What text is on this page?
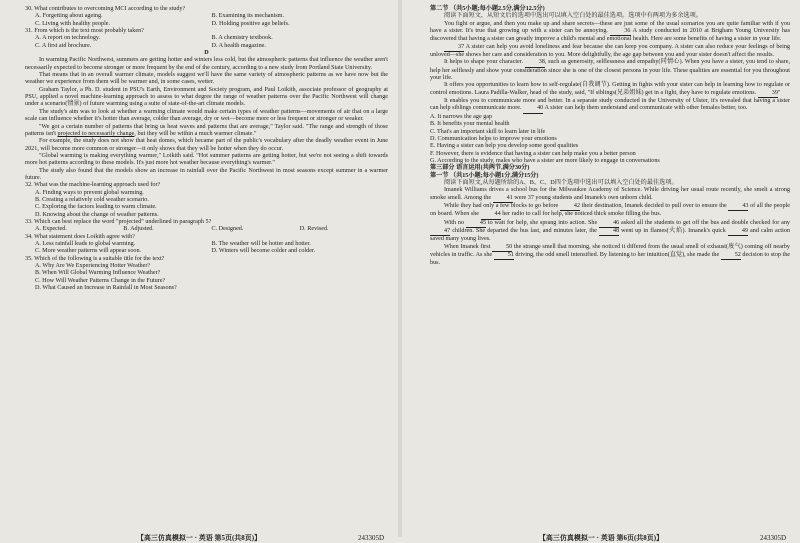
30. What contributes to overcoming MCI according to the study?

A. Forgetting about ageing.	B. Examining its mechanism.
C. Living with healthy people.	D. Holding positive age beliefs.

31. From which is the text most probably taken?

A. A report on technology.	B. A chemistry textbook.
C. A first aid brochure.	D. A health magazine.

D

In warming Pacific Northwest, summers are getting hotter and winters less cold, but the atmospheric patterns that influence the weather aren't necessarily expected to become stronger or more frequent by the end of the century, according to a new study from Portland State University.

That means that in an overall warmer climate, models suggest we'll have the same variety of atmospheric patterns as we have now but the weather we experience from them will be warmer and, in some cases, wetter.

Graham Taylor, a Ph. D. student in PSU's Earth, Environment and Society program, and Paul Loikith, associate professor of geography at PSU, applied a novel machine-learning approach to assess to what degree the range of weather patterns over the Pacific Northwest will change under a scenario(情景) of future warming using a suite of state-of-the-art climate models.

The study's aim was to look at whether a warming climate would make certain types of weather patterns—movements of air that on a large scale can influence whether it's hotter than average, colder than average, dry or wet—become more or less frequent or stronger or weaker.

"We got a certain number of patterns that bring us heat waves and patterns that are average," Taylor said. "The range and strength of those patterns isn't projected to necessarily change, but they will be within a much warmer climate."

For example, the study does not show that heat domes, which became part of the public's vocabulary after the deadly weather event in June 2021, will become more common or stronger—it only shows that they will be hotter when they do occur.

"Global warming is making everything warmer," Loikith said. "Hot summer patterns are getting hotter, but we're not seeing a shift towards more hot patterns according to these models. It's just more hot weather because everything's warmer."

The study also found that the models show an increase in rainfall over the Pacific Northwest in most seasons except summer in a warmer future.

32. What was the machine-learning approach used for?

A. Finding ways to prevent global warming.
B. Creating a relatively cold weather scenario.
C. Exploring the factors leading to warm climate.
D. Knowing about the change of weather patterns.

33. Which can best replace the word "projected" underlined in paragraph 5?

A. Expected.	B. Adjusted.	C. Designed.	D. Revised.

34. What statement does Loikith agree with?

A. Less rainfall leads to global warming.	B. The weather will be hotter and hotter.
C. More weather patterns will appear soon.	D. Winters will become colder and colder.

35. Which of the following is a suitable title for the text?

A. Why Are We Experiencing Hotter Weather?
B. When Will Global Warming Influence Weather?
C. How Will Weather Patterns Change in the Future?
D. What Caused an Increase in Rainfall in Most Seasons?
【高三仿真模拟一 · 英语 第5页(共8页)】	243305D

第二节 （共5小题;每小题2.5分,满分12.5分)

阅读下面短文，从短文后的选项中选出可以填入空白处的最佳选项。选项中有两项为多余选项。

You fight or argue, and then you make up and share secrets—these are just some of the usual scenarios you are quite familiar with if you have a sister. It's true that growing up with a sister can be annoying. 36 A study conducted in 2010 at Brigham Young University has discovered that having a sister can greatly improve a child's mental and emotional health. Here are some benefits of having a sister in your life.

37 A sister can help you avoid loneliness and fear because she can keep you company. A sister can also reduce your feelings of being unloved—she shows her care and consideration to you. More delightfully, the age gap between you and your sister doesn't affect the results.

It helps to shape your character. 38, such as generosity, selflessness and empathy(同情心). When you have a sister, you tend to share, help her selflessly and show your consideration since she is one of the closest persons in your life. These qualities are essential for you throughout your life.

It offers you opportunities to learn how to self-regulate(自我调节). Getting in fights with your sister can help in learning how to regulate or control emotions. Laura Padilla-Walker, head of the study, said, "If siblings(兄弟姐妹) get in a fight, they have to regulate emotions. 39"

It enables you to communicate more and better. In a separate study conducted in the University of Ulster, it's revealed that having a sister can help siblings communicate more. 40 A sister can help them understand and communicate with other females better, too.

A. It narrows the age gap
B. It benefits your mental health
C. That's an important skill to learn later in life
D. Communication helps to improve your emotions
E. Having a sister can help you develop some good qualities
F. However, there is evidence that having a sister can help make you a better person
G. According to the study, males who have a sister are more likely to engage in conversations

第三部分 语言运用(共两节,满分30分)

第一节 （共15小题;每小题1分,满分15分)

阅读下面短文,从每题所给的A、B、C、D四个选项中选出可以填入空白处的最佳选项。

Imanek Williams drives a school bus for the Milwaukee Academy of Science. While driving her usual route recently, she smelt a strong smoke smell. Among the 41 were 37 young students and Imanek's own unborn child.

While they had only a few blocks to go before 42 their destination, Imanek decided to pull over to ensure the 43 of all the people on board. When she 44 her radio to call for help, she noticed thick smoke filling the bus.

With no 45 to wait for help, she sprang into action. She 46 asked all the students to get off the bus and double checked for any 47 children. She departed the bus last, and minutes later, the 48 went up in flames(火焰). Imanek's quick 49 and calm action saved many young lives.

When Imanek first 50 the strange smell that morning, she noticed it differed from the usual smell of exhaust(废气) coming off nearby vehicles in traffic. As she 51 driving, the odd smell intensified. By listening to her intuition(直觉), she made the 52 decision to stop the bus.

【高三仿真模拟一 · 英语 第6页(共8页)】	243305D
